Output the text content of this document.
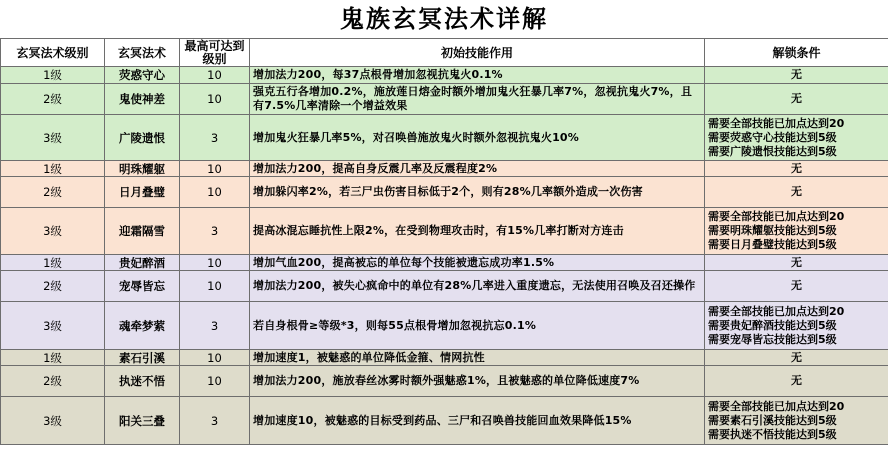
鬼族玄冥法术详解
玄冥法术级别	玄冥法术	最高可达到级别	初始技能作用	解锁条件
1级	荧惑守心	10	增加法力200，每37点根骨增加忽视抗鬼火0.1%	无

2级	鬼使神差	10	强克五行各增加0.2%，施放莲日熔金时额外增加鬼火狂暴几率7%，忽视抗鬼火7%，且有7.5%几率清除一个增益效果	无

3级	广陵遗恨	3	增加鬼火狂暴几率5%，对召唤兽施放鬼火时额外忽视抗鬼火10%	需要全部技能已加点达到20
需要荧惑守心技能达到5级
需要广陵遗恨技能达到5级

1级	明珠耀躯	10	增加法力200，提高自身反震几率及反震程度2%	无

2级	日月叠璧	10	增加躲闪率2%，若三尸虫伤害目标低于2个，则有28%几率额外造成一次伤害	无

3级	迎霜隔雪	3	提高冰混忘睡抗性上限2%，在受到物理攻击时，有15%几率打断对方连击	需要全部技能已加点达到20
需要明珠耀躯技能达到5级
需要日月叠璧技能达到5级

1级	贵妃醉酒	10	增加气血200，提高被忘的单位每个技能被遗忘成功率1.5%	无

2级	宠辱皆忘	10	增加法力200，被失心疯命中的单位有28%几率进入重度遗忘，无法使用召唤及召还操作	无

3级	魂牵梦萦	3	若自身根骨≥等级*3，则每55点根骨增加忽视抗忘0.1%	需要全部技能已加点达到20
需要贵妃醉酒技能达到5级
需要宠辱皆忘技能达到5级

1级	素石引溪	10	增加速度1，被魅惑的单位降低金箍、情网抗性	无

2级	执迷不悟	10	增加法力200，施放春丝冰雾时额外强魅惑1%，且被魅惑的单位降低速度7%	无

3级	阳关三叠	3	增加速度10，被魅惑的目标受到药品、三尸和召唤兽技能回血效果降低15%	需要全部技能已加点达到20
需要素石引溪技能达到5级
需要执迷不悟技能达到5级
